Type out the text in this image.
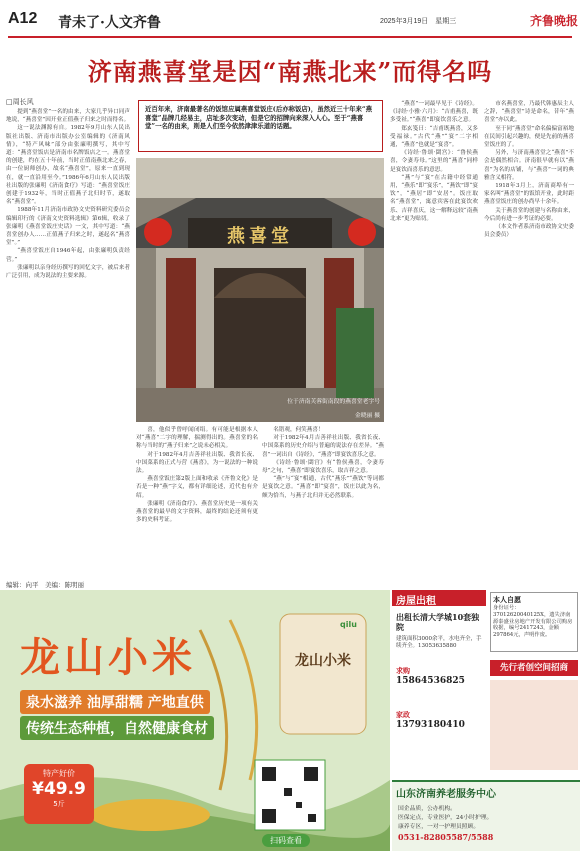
A12 青未了·人文齐鲁	2025年3月19日　星期三	齐鲁晚报
济南燕喜堂是因“南燕北来”而得名吗
□周长风

提到“燕喜堂”一名的由来，大家几乎异口同声地说，“燕喜堂”因开业正值燕子归来之时而得名。

这一说法渊源有自。1982年9月山东人民出版社出版、济南市出版办公室编辑的《济南风情》，“特产风味”部分由张廉明撰写，其中写道：“燕喜堂饭店是济南市名牌饭店之一。燕喜堂的创建，约在五十年前，当时正值南燕北来之春，由一位厨师创办，故名“燕喜堂”，原来一直到现在，就一直沿用至今。”1986年6月山东人民出版社出版的张廉明《济南食疗》写道：“燕喜堂饭庄创建于1932年，当时正值燕子北归时节，遂取名“燕喜堂”。

1988年11月济南市政协文史资料研究委员会编辑印行的《济南文史资料选辑》第6辑，收录了张廉明《燕喜堂饭庄史话》一文，其中写道：“燕喜堂创办人……正值燕子归来之时，遂起名“燕喜堂”。”

“燕喜堂饭庄自1946年起，由张廉明负责经营。”

张廉明以亲身经历撰写的回忆文字，被后来者广泛引用，成为说法的主要来源。

近百年来，济南最著名的饭馆应属燕喜堂饭庄(后亦称饭店)，虽然近三十年来“燕喜堂”品牌几经易主，店址多次变动，但是它的招牌向来深入人心。至于“燕喜堂”一名的由来，则是人们至今依然津津乐道的话题。
燕喜堂
位于济南芙蓉街南段的燕喜堂老字号
金晓丽 摄

喜，他似乎曾呼闻闭绢。有可能是根据本人对“燕喜”二字的理解，揣测得出的。燕喜堂的名称与当时的“燕子归来”之说未必相关。

对于1982年4月吉善祥社出版、我省长夜、中国菜系的正式与营《燕喜》，为一说法的一种说法。

燕喜堂饭庄第2版上面和收录《齐鲁文化》是否是一种“燕”字义，都有详细论述，近代也有介绍。

张廉明《济南食疗》、燕喜堂历史是一项有关燕喜堂的最早的文字资料，最终的结论还须有更多的史料考证。

名错观，何笑燕喜！

对于1982年4月吉善祥社出版、我省长夜、中国菜系的历史介绍与普遍的说法存在差异。“燕喜”一词出自《诗经》，“燕喜”即宴饮喜乐之意。

《诗经·鲁颂·閟宫》有“鲁侯燕喜，令妻寿母”之句，“燕喜”即宴饮喜乐，取吉祥之意。

“燕”与“宴”相通，古代“燕乐”“燕饮”等词都是宴饮之意。“燕喜”即“宴喜”，饭庄以此为名，颇为恰当，与燕子北归并无必然联系。

“燕喜”一词最早见于《诗经》。《诗经·小雅·六月》：“吉甫燕喜，既多受祉。”“燕喜”即宴饮喜乐之意。

郑玄笺曰：“吉甫既燕喜，又多受福禄。”古代“燕”“宴”二字相通，“燕喜”也就是“宴喜”。

《诗经·鲁颂·閟宫》：“鲁侯燕喜，令妻寿母。”这里的“燕喜”同样是宴饮而喜乐的意思。

“燕”与“宴”在古籍中经常通用，“燕乐”即“宴乐”，“燕饮”即“宴饮”，“燕居”即“安居”。饭庄取名“燕喜堂”，寓意宾客在此宴饮欢乐、吉祥喜庆，这一解释远较“南燕北来”更为贴切。

市名燕喜堂，乃最代韩惠辰主人之辞，“燕喜堂”诗是命名，昔年“燕喜堂”亦以此。

至于同“燕喜堂”命名偏偏富裕地在民间引起兴趣的，便是先前的燕喜堂饭庄的了。

另外，与济南燕喜堂之“燕喜”不会是偶然相合。济南很早就有以“燕喜”为名的店铺，与“燕喜”一词的典雅含义相符。

1918年3月上，济南商埠有一家名叫“燕喜堂”的饭馆开业，此时距燕喜堂饭庄的创办尚早十余年。

关于燕喜堂的创建与名称由来，今后尚有进一步考证的必要。

（本文作者系济南市政协文史委员会委员）

编辑：向平　美编：陈明丽
龙山小米
泉水滋养 油厚甜糯 产地直供
传统生态种植，自然健康食材
特产好价
¥49.9
5斤
龙山小米
qilu
扫码查看
房屋出租
出租长清大学城10套独院
建筑面积3000余平，水电齐全，手续齐全。13053635880
求购
15864536825
家政
13793180410
本人自愿
身份证号：37012620040125X，遗失济南源泰盛业房地产开发有限公司购房收据，编号2417243，金额297864元，声明作废。
先行者创空间招商
山东济南养老服务中心
国企品质，公办机构。
医保定点，专业医护，24小时护理。
康养专区，一对一护理员照顾。
0531-82805587/5588
